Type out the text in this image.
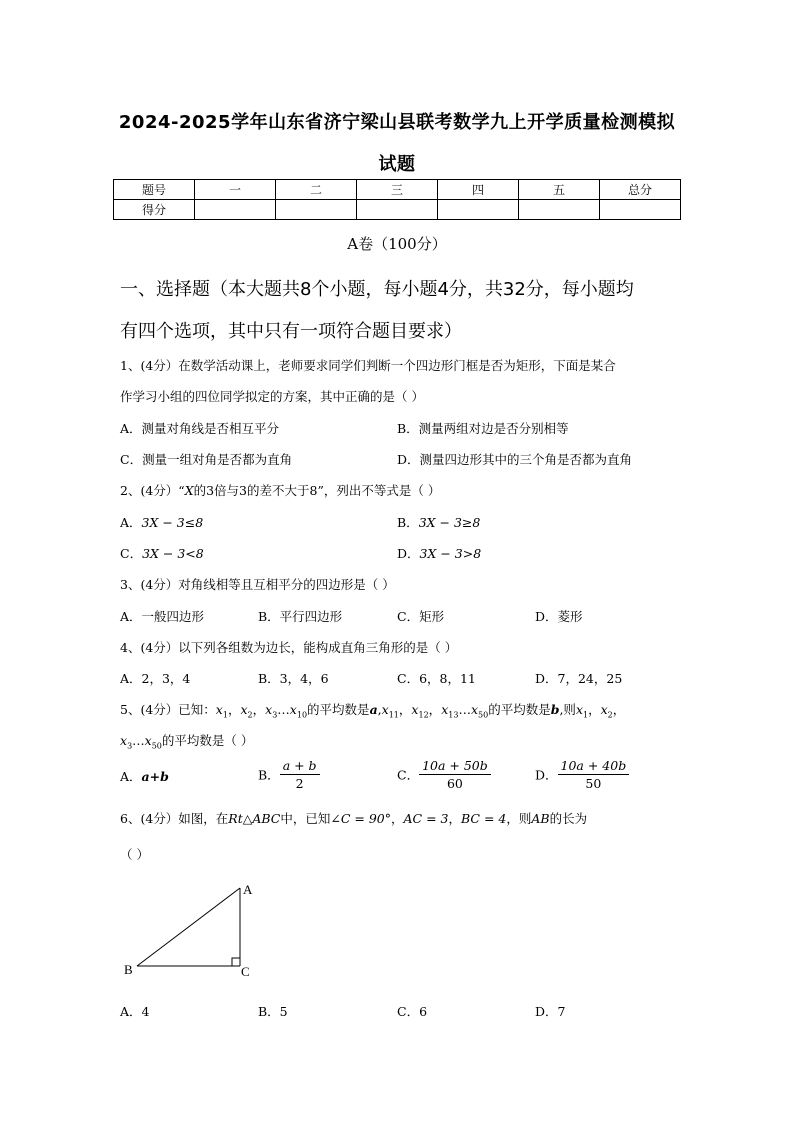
2024-2025学年山东省济宁梁山县联考数学九上开学质量检测模拟
试题
题号	一	二	三	四	五	总分
得分						
A卷（100分）
一、选择题（本大题共8个小题，每小题4分，共32分，每小题均
有四个选项，其中只有一项符合题目要求）
1、(4分）在数学活动课上，老师要求同学们判断一个四边形门框是否为矩形，下面是某合
作学习小组的四位同学拟定的方案，其中正确的是（ ）
A．测量对角线是否相互平分	B．测量两组对边是否分别相等
C．测量一组对角是否都为直角	D．测量四边形其中的三个角是否都为直角
2、(4分）“X的3倍与3的差不大于8”，列出不等式是（ ）
A．3X − 3≤8	B．3X − 3≥8
C．3X − 3<8	D．3X − 3>8
3、(4分）对角线相等且互相平分的四边形是（ ）
A．一般四边形	B．平行四边形	C．矩形	D．菱形
4、(4分）以下列各组数为边长，能构成直角三角形的是（ ）
A．2，3，4	B．3，4，6	C．6，8，11	D．7，24，25
5、(4分）已知：$x_1$，$x_2$，$x_3\dots x_{10}$的平均数是$a,x_{11}$，$x_{12}$，$x_{13}\dots x_{50}$的平均数是b,则$x_1$，$x_2$，
$x_3\dots x_{50}$的平均数是（ ）
A．a+b	B． $\frac{a + b}{2}$	C． $\frac{10a + 50b}{60}$	D． $\frac{10a + 40b}{50}$
6、(4分）如图，在Rt△ABC中，已知∠C = 90°，AC = 3，BC = 4，则AB的长为
（ ）
A
B	C
A．4	B．5	C．6	D．7
